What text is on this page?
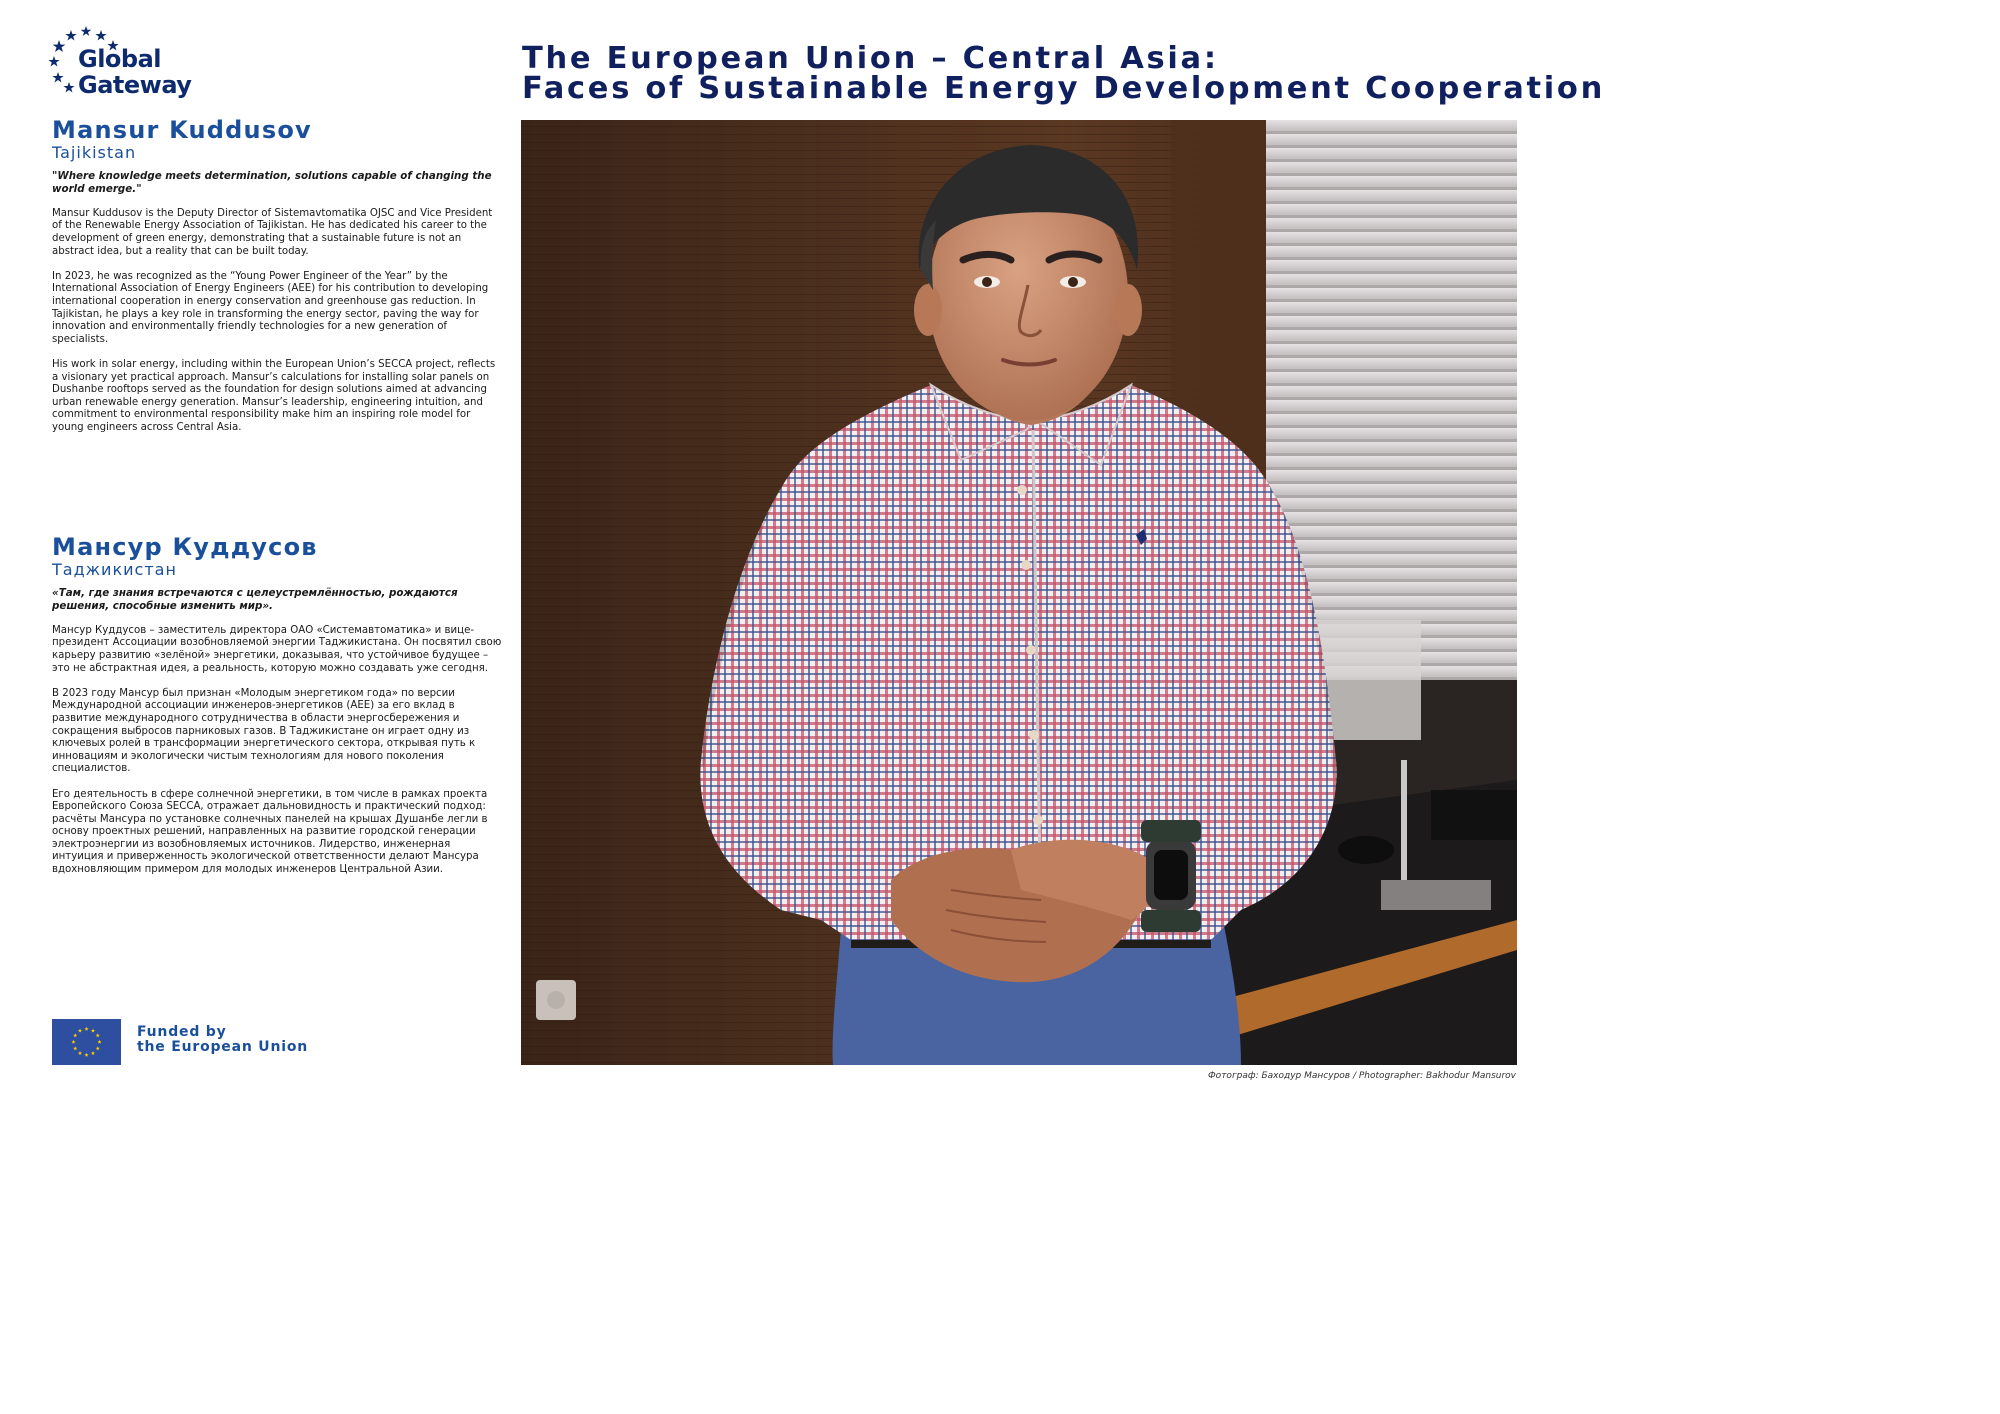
Global
Gateway
The European Union – Central Asia:
Faces of Sustainable Energy Development Cooperation
Mansur Kuddusov

Tajikistan

"Where knowledge meets determination, solutions capable of changing the world emerge."

Mansur Kuddusov is the Deputy Director of Sistemavtomatika OJSC and Vice President of the Renewable Energy Association of Tajikistan. He has dedicated his career to the development of green energy, demonstrating that a sustainable future is not an abstract idea, but a reality that can be built today.

In 2023, he was recognized as the “Young Power Engineer of the Year” by the International Association of Energy Engineers (AEE) for his contribution to developing international cooperation in energy conservation and greenhouse gas reduction. In Tajikistan, he plays a key role in transforming the energy sector, paving the way for innovation and environmentally friendly technologies for a new generation of specialists.

His work in solar energy, including within the European Union’s SECCA project, reflects a visionary yet practical approach. Mansur’s calculations for installing solar panels on Dushanbe rooftops served as the foundation for design solutions aimed at advancing urban renewable energy generation. Mansur’s leadership, engineering intuition, and commitment to environmental responsibility make him an inspiring role model for young engineers across Central Asia.

Мансур Куддусов

Таджикистан

«Там, где знания встречаются с целеустремлённостью, рождаются решения, способные изменить мир».

Мансур Куддусов – заместитель директора ОАО «Системавтоматика» и вице-президент Ассоциации возобновляемой энергии Таджикистана. Он посвятил свою карьеру развитию «зелёной» энергетики, доказывая, что устойчивое будущее – это не абстрактная идея, а реальность, которую можно создавать уже сегодня.

В 2023 году Мансур был признан «Молодым энергетиком года» по версии Международной ассоциации инженеров-энергетиков (AEE) за его вклад в развитие международного сотрудничества в области энергосбережения и сокращения выбросов парниковых газов. В Таджикистане он играет одну из ключевых ролей в трансформации энергетического сектора, открывая путь к инновациям и экологически чистым технологиям для нового поколения специалистов.

Его деятельность в сфере солнечной энергетики, в том числе в рамках проекта Европейского Союза SECCA, отражает дальновидность и практический подход: расчёты Мансура по установке солнечных панелей на крышах Душанбе легли в основу проектных решений, направленных на развитие городской генерации электроэнергии из возобновляемых источников. Лидерство, инженерная интуиция и приверженность экологической ответственности делают Мансура вдохновляющим примером для молодых инженеров Центральной Азии.

Фотограф: Баходур Мансуров / Photographer: Bakhodur Mansurov
Funded by
the European Union
